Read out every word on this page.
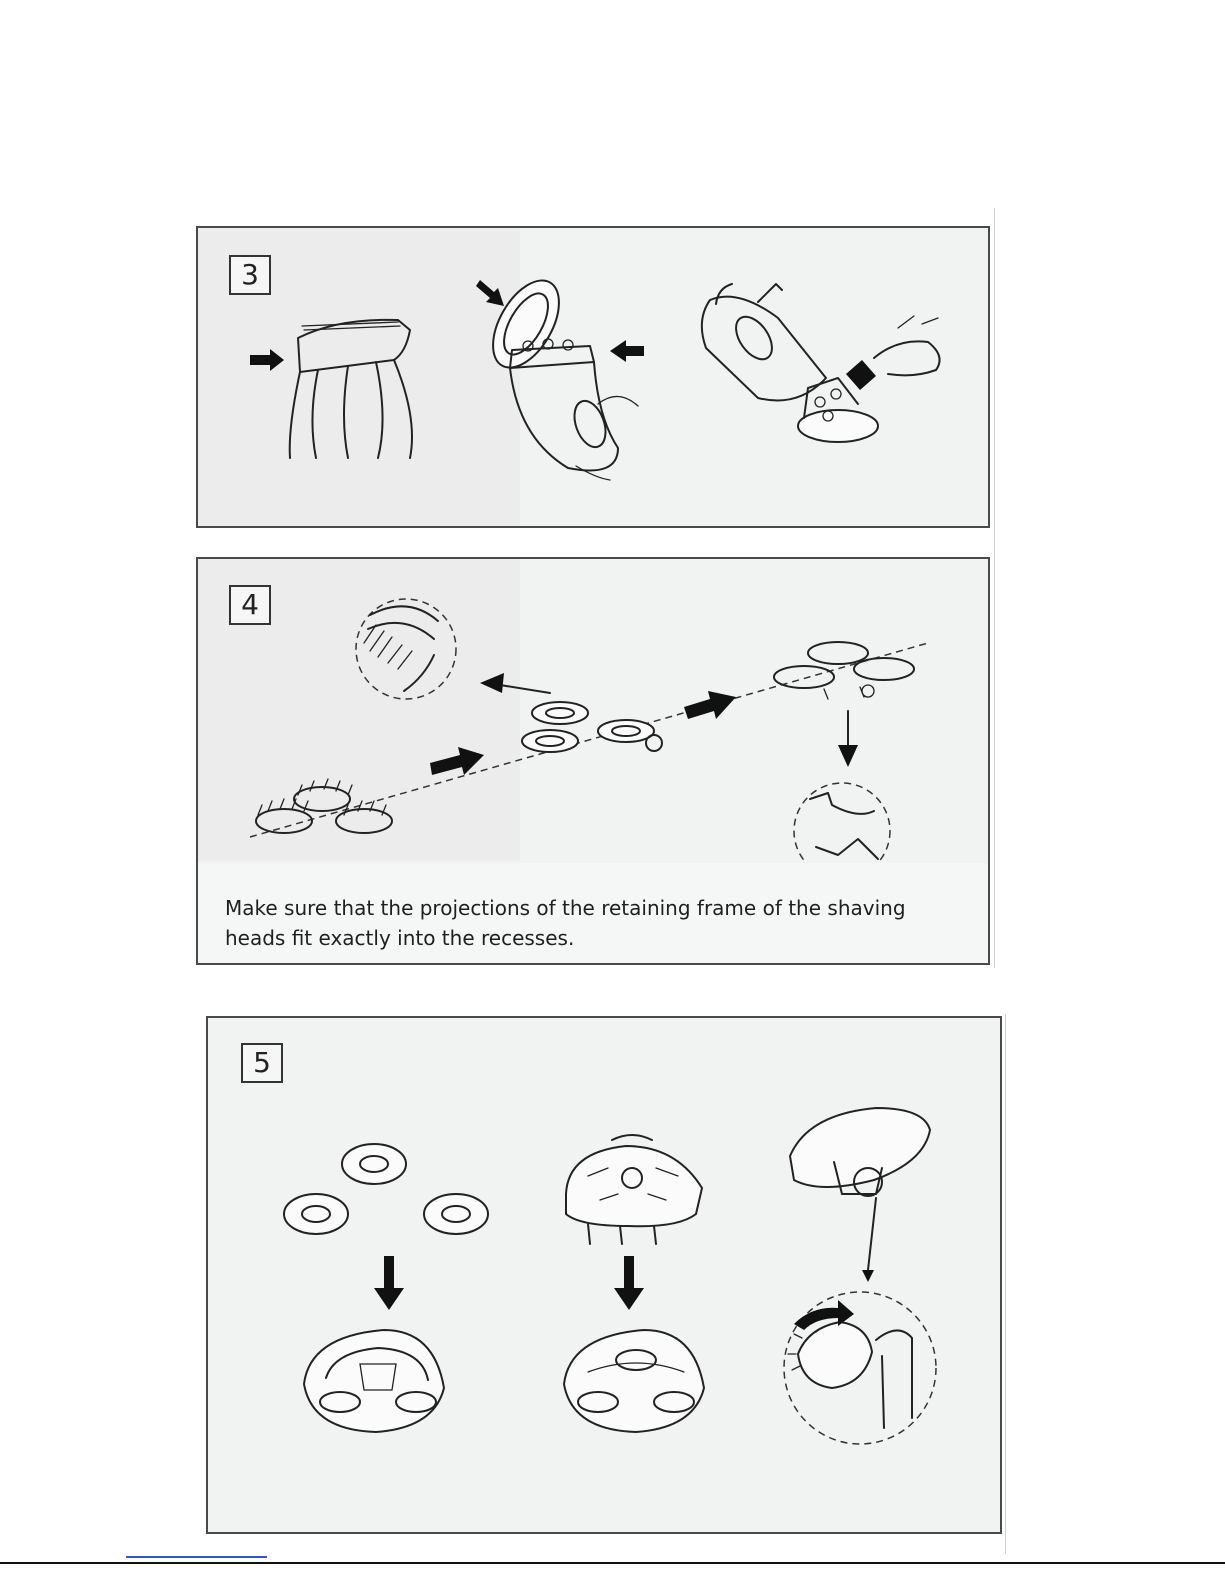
3
4

Make sure that the projections of the retaining frame of the shaving heads fit exactly into the recesses.

5
